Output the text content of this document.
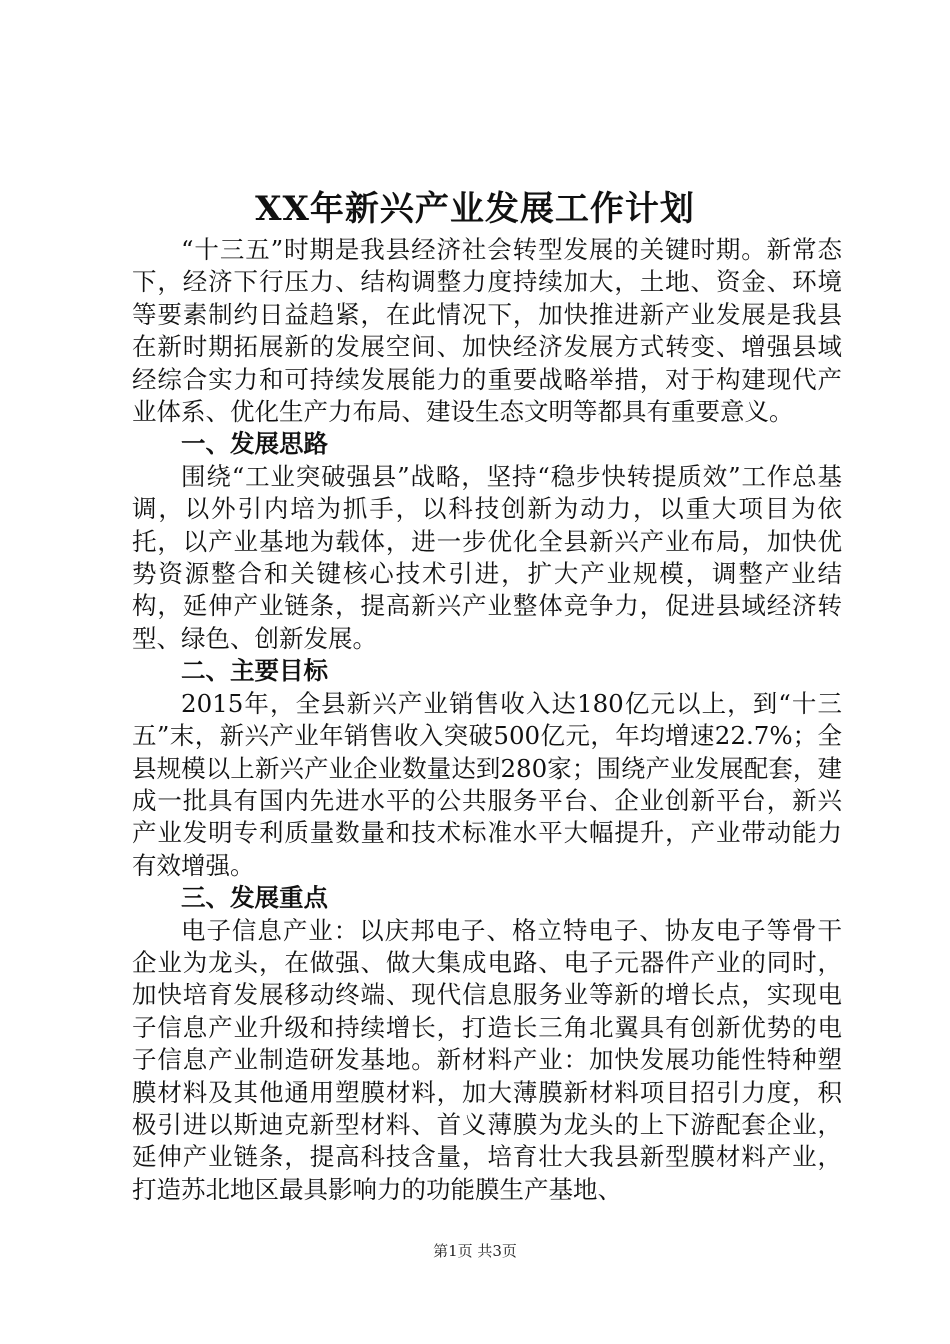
XX年新兴产业发展工作计划

“十三五”时期是我县经济社会转型发展的关键时期。新常态下，经济下行压力、结构调整力度持续加大，土地、资金、环境等要素制约日益趋紧，在此情况下，加快推进新产业发展是我县在新时期拓展新的发展空间、加快经济发展方式转变、增强县域经综合实力和可持续发展能力的重要战略举措，对于构建现代产业体系、优化生产力布局、建设生态文明等都具有重要意义。

一、发展思路

围绕“工业突破强县”战略，坚持“稳步快转提质效”工作总基调，以外引内培为抓手，以科技创新为动力，以重大项目为依托，以产业基地为载体，进一步优化全县新兴产业布局，加快优势资源整合和关键核心技术引进，扩大产业规模，调整产业结构，延伸产业链条，提高新兴产业整体竞争力，促进县域经济转型、绿色、创新发展。

二、主要目标

2015年，全县新兴产业销售收入达180亿元以上，到“十三五”末，新兴产业年销售收入突破500亿元，年均增速22.7%；全县规模以上新兴产业企业数量达到280家；围绕产业发展配套，建成一批具有国内先进水平的公共服务平台、企业创新平台，新兴产业发明专利质量数量和技术标准水平大幅提升，产业带动能力有效增强。

三、发展重点

电子信息产业：以庆邦电子、格立特电子、协友电子等骨干企业为龙头，在做强、做大集成电路、电子元器件产业的同时，加快培育发展移动终端、现代信息服务业等新的增长点，实现电子信息产业升级和持续增长，打造长三角北翼具有创新优势的电子信息产业制造研发基地。新材料产业：加快发展功能性特种塑膜材料及其他通用塑膜材料，加大薄膜新材料项目招引力度，积极引进以斯迪克新型材料、首义薄膜为龙头的上下游配套企业，延伸产业链条，提高科技含量，培育壮大我县新型膜材料产业，打造苏北地区最具影响力的功能膜生产基地、

第1页 共3页
